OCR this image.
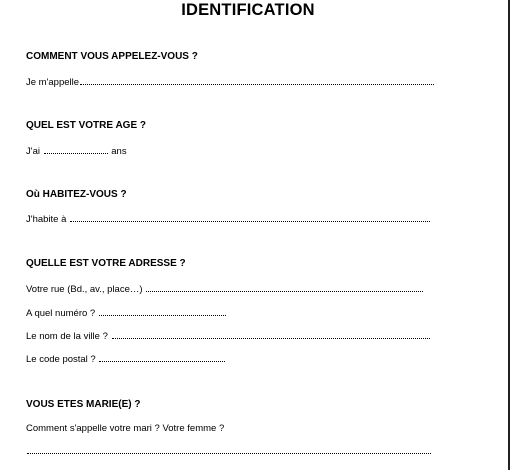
IDENTIFICATION
COMMENT VOUS APPELEZ-VOUS ?
Je m'appelle
QUEL EST VOTRE AGE ?
J'ai	ans
Où HABITEZ-VOUS ?
J'habite à
QUELLE EST VOTRE ADRESSE ?
Votre rue (Bd., av., place…)
A quel numéro ?
Le nom de la ville ?
Le code postal ?
VOUS ETES MARIE(E) ?
Comment s'appelle votre mari ? Votre femme ?
